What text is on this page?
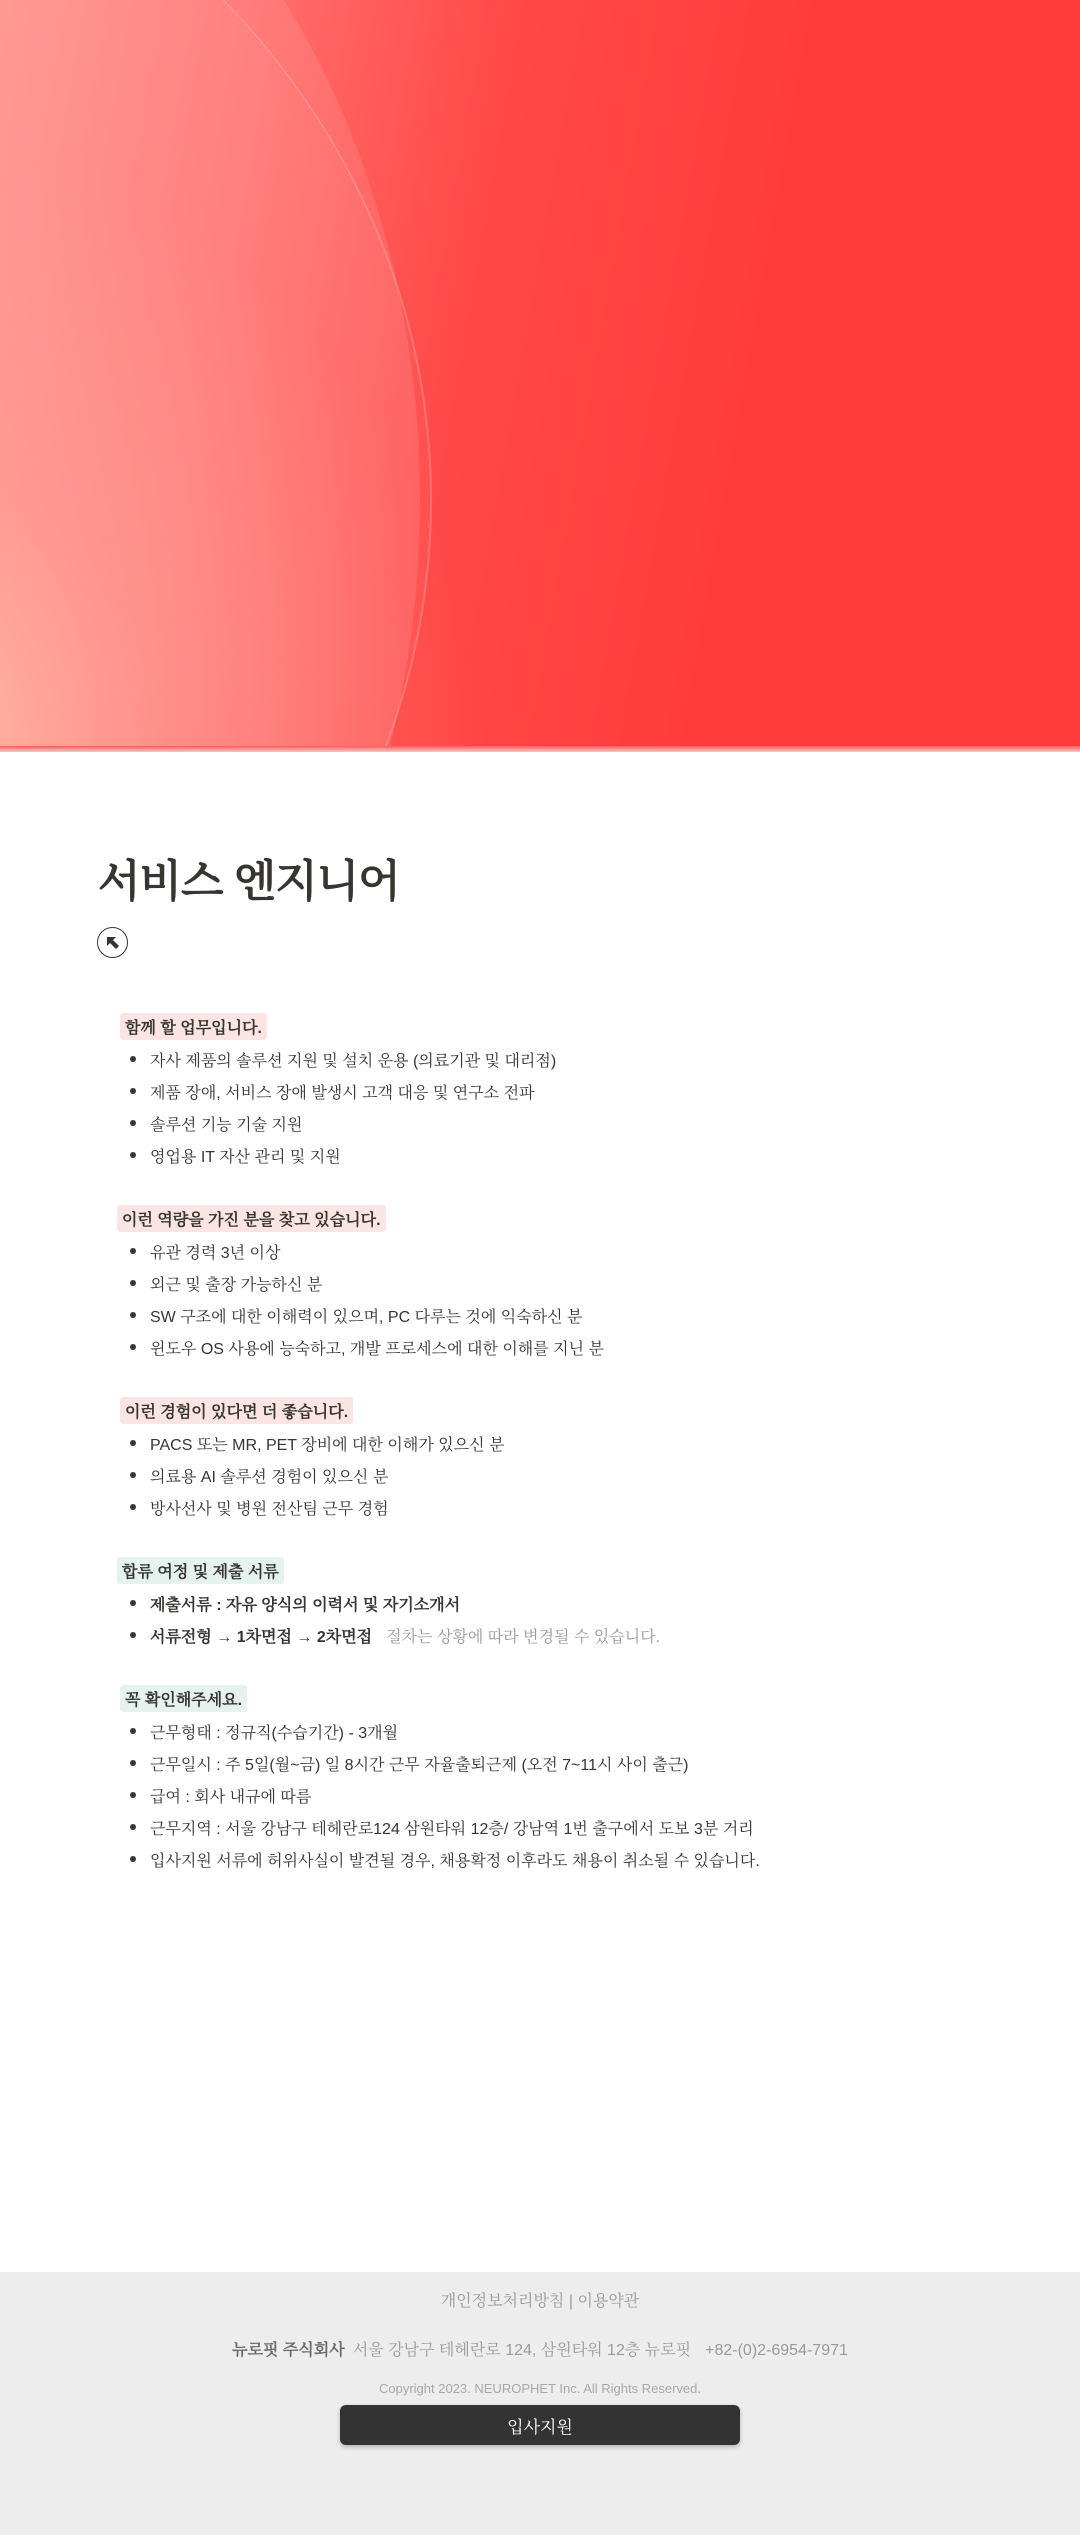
서비스 엔지니어
함께 할 업무입니다.
자사 제품의 솔루션 지원 및 설치 운용 (의료기관 및 대리점)
제품 장애, 서비스 장애 발생시 고객 대응 및 연구소 전파
솔루션 기능 기술 지원
영업용 IT 자산 관리 및 지원
이런 역량을 가진 분을 찾고 있습니다.
유관 경력 3년 이상
외근 및 출장 가능하신 분
SW 구조에 대한 이해력이 있으며, PC 다루는 것에 익숙하신 분
윈도우 OS 사용에 능숙하고, 개발 프로세스에 대한 이해를 지닌 분
이런 경험이 있다면 더 좋습니다.
PACS 또는 MR, PET 장비에 대한 이해가 있으신 분
의료용 AI 솔루션 경험이 있으신 분
방사선사 및 병원 전산팀 근무 경험
합류 여정 및 제출 서류
제출서류 : 자유 양식의 이력서 및 자기소개서
서류전형 → 1차면접 → 2차면접 절차는 상황에 따라 변경될 수 있습니다.
꼭 확인해주세요.
근무형태 : 정규직(수습기간) - 3개월
근무일시 : 주 5일(월~금) 일 8시간 근무 자율출퇴근제 (오전 7~11시 사이 출근)
급여 : 회사 내규에 따름
근무지역 : 서울 강남구 테헤란로124 삼원타워 12층/ 강남역 1번 출구에서 도보 3분 거리
입사지원 서류에 허위사실이 발견될 경우, 채용확정 이후라도 채용이 취소될 수 있습니다.
개인정보처리방침 | 이용약관
뉴로핏 주식회사 서울 강남구 테헤란로 124, 삼원타워 12층 뉴로핏 +82-(0)2-6954-7971
Copyright 2023. NEUROPHET Inc. All Rights Reserved.
입사지원
